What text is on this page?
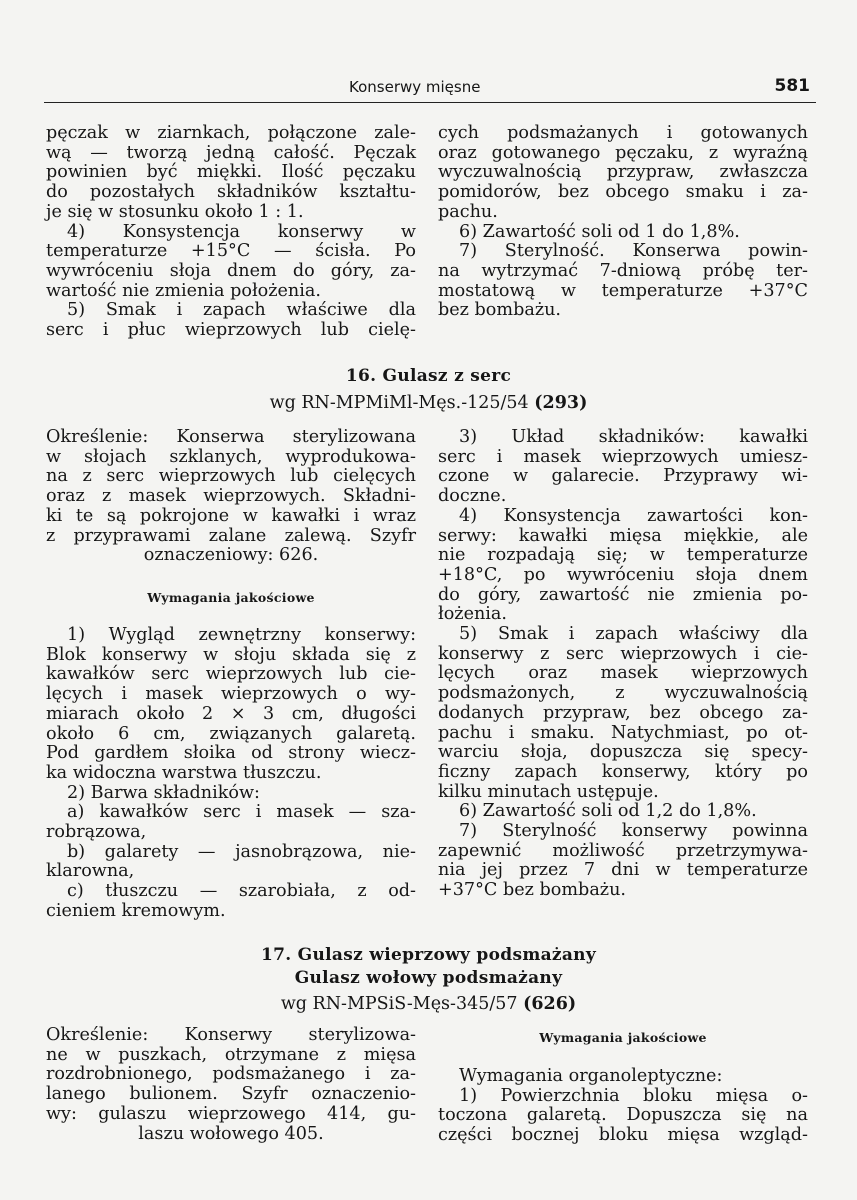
Konserwy mięsne	581

pęczak w ziarnkach, połączone zale-

wą — tworzą jedną całość. Pęczak

powinien być miękki. Ilość pęczaku

do pozostałych składników kształtu-

je się w stosunku około 1 : 1.

4) Konsystencja konserwy w

temperaturze +15°C — ścisła. Po

wywróceniu słoja dnem do góry, za-

wartość nie zmienia położenia.

5) Smak i zapach właściwe dla

serc i płuc wieprzowych lub cielę-

cych podsmażanych i gotowanych

oraz gotowanego pęczaku, z wyraźną

wyczuwalnością przypraw, zwłaszcza

pomidorów, bez obcego smaku i za-

pachu.

6) Zawartość soli od 1 do 1,8%.

7) Sterylność. Konserwa powin-

na wytrzymać 7-dniową próbę ter-

mostatową w temperaturze +37°C

bez bombażu.

16. Gulasz z serc
wg RN-MPMiMl-Męs.-125/54 (293)

Określenie: Konserwa sterylizowana

w słojach szklanych, wyprodukowa-

na z serc wieprzowych lub cielęcych

oraz z masek wieprzowych. Składni-

ki te są pokrojone w kawałki i wraz

z przyprawami zalane zalewą. Szyfr

oznaczeniowy: 626.

Wymagania jakościowe

1) Wygląd zewnętrzny konserwy:

Blok konserwy w słoju składa się z

kawałków serc wieprzowych lub cie-

lęcych i masek wieprzowych o wy-

miarach około 2 × 3 cm, długości

około 6 cm, związanych galaretą.

Pod gardłem słoika od strony wiecz-

ka widoczna warstwa tłuszczu.

2) Barwa składników:

a) kawałków serc i masek — sza-

robrązowa,

b) galarety — jasnobrązowa, nie-

klarowna,

c) tłuszczu — szarobiała, z od-

cieniem kremowym.

3) Układ składników: kawałki

serc i masek wieprzowych umiesz-

czone w galarecie. Przyprawy wi-

doczne.

4) Konsystencja zawartości kon-

serwy: kawałki mięsa miękkie, ale

nie rozpadają się; w temperaturze

+18°C, po wywróceniu słoja dnem

do góry, zawartość nie zmienia po-

łożenia.

5) Smak i zapach właściwy dla

konserwy z serc wieprzowych i cie-

lęcych oraz masek wieprzowych

podsmażonych, z wyczuwalnością

dodanych przypraw, bez obcego za-

pachu i smaku. Natychmiast, po ot-

warciu słoja, dopuszcza się specy-

ficzny zapach konserwy, który po

kilku minutach ustępuje.

6) Zawartość soli od 1,2 do 1,8%.

7) Sterylność konserwy powinna

zapewnić możliwość przetrzymywa-

nia jej przez 7 dni w temperaturze

+37°C bez bombażu.

17. Gulasz wieprzowy podsmażany
Gulasz wołowy podsmażany
wg RN-MPSiS-Męs-345/57 (626)

Określenie: Konserwy sterylizowa-

ne w puszkach, otrzymane z mięsa

rozdrobnionego, podsmażanego i za-

lanego bulionem. Szyfr oznaczenio-

wy: gulaszu wieprzowego 414, gu-

laszu wołowego 405.

Wymagania jakościowe

Wymagania organoleptyczne:

1) Powierzchnia bloku mięsa o-

toczona galaretą. Dopuszcza się na

części bocznej bloku mięsa wzgląd-
